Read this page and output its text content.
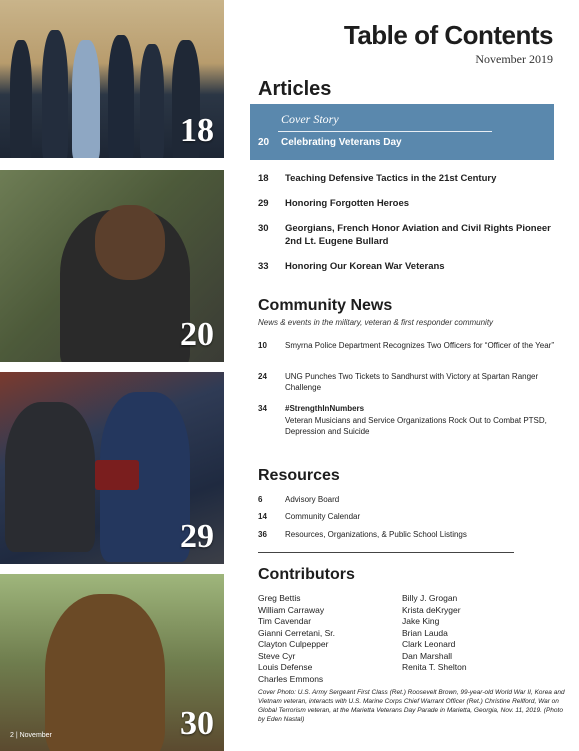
18
20
29
30
2 | November
Table of Contents
November 2019
Articles
Cover Story
20 Celebrating Veterans Day
18 Teaching Defensive Tactics in the 21st Century
29 Honoring Forgotten Heroes
30 Georgians, French Honor Aviation and Civil Rights Pioneer 2nd Lt. Eugene Bullard
33 Honoring Our Korean War Veterans
Community News
News & events in the military, veteran & first responder community
10 Smyrna Police Department Recognizes Two Officers for “Officer of the Year”
24 UNG Punches Two Tickets to Sandhurst with Victory at Spartan Ranger Challenge
34 #StrengthInNumbers
Veteran Musicians and Service Organizations Rock Out to Combat PTSD, Depression and Suicide
Resources
6	Advisory Board
14 Community Calendar
36 Resources, Organizations, & Public School Listings
Contributors
Greg Bettis
William Carraway
Tim Cavendar
Gianni Cerretani, Sr.
Clayton Culpepper
Steve Cyr
Louis Defense
Charles Emmons
Billy J. Grogan
Krista deKryger
Jake King
Brian Lauda
Clark Leonard
Dan Marshall
Renita T. Shelton
Cover Photo: U.S. Army Sergeant First Class (Ret.) Roosevelt Brown, 99-year-old World War II, Korea and Vietnam veteran, interacts with U.S. Marine Corps Chief Warrant Officer (Ret.) Christine Rellford, War on Global Terrorism veteran, at the Marietta Veterans Day Parade in Marietta, Georgia, Nov. 11, 2019. (Photo by Eden Nastal)
